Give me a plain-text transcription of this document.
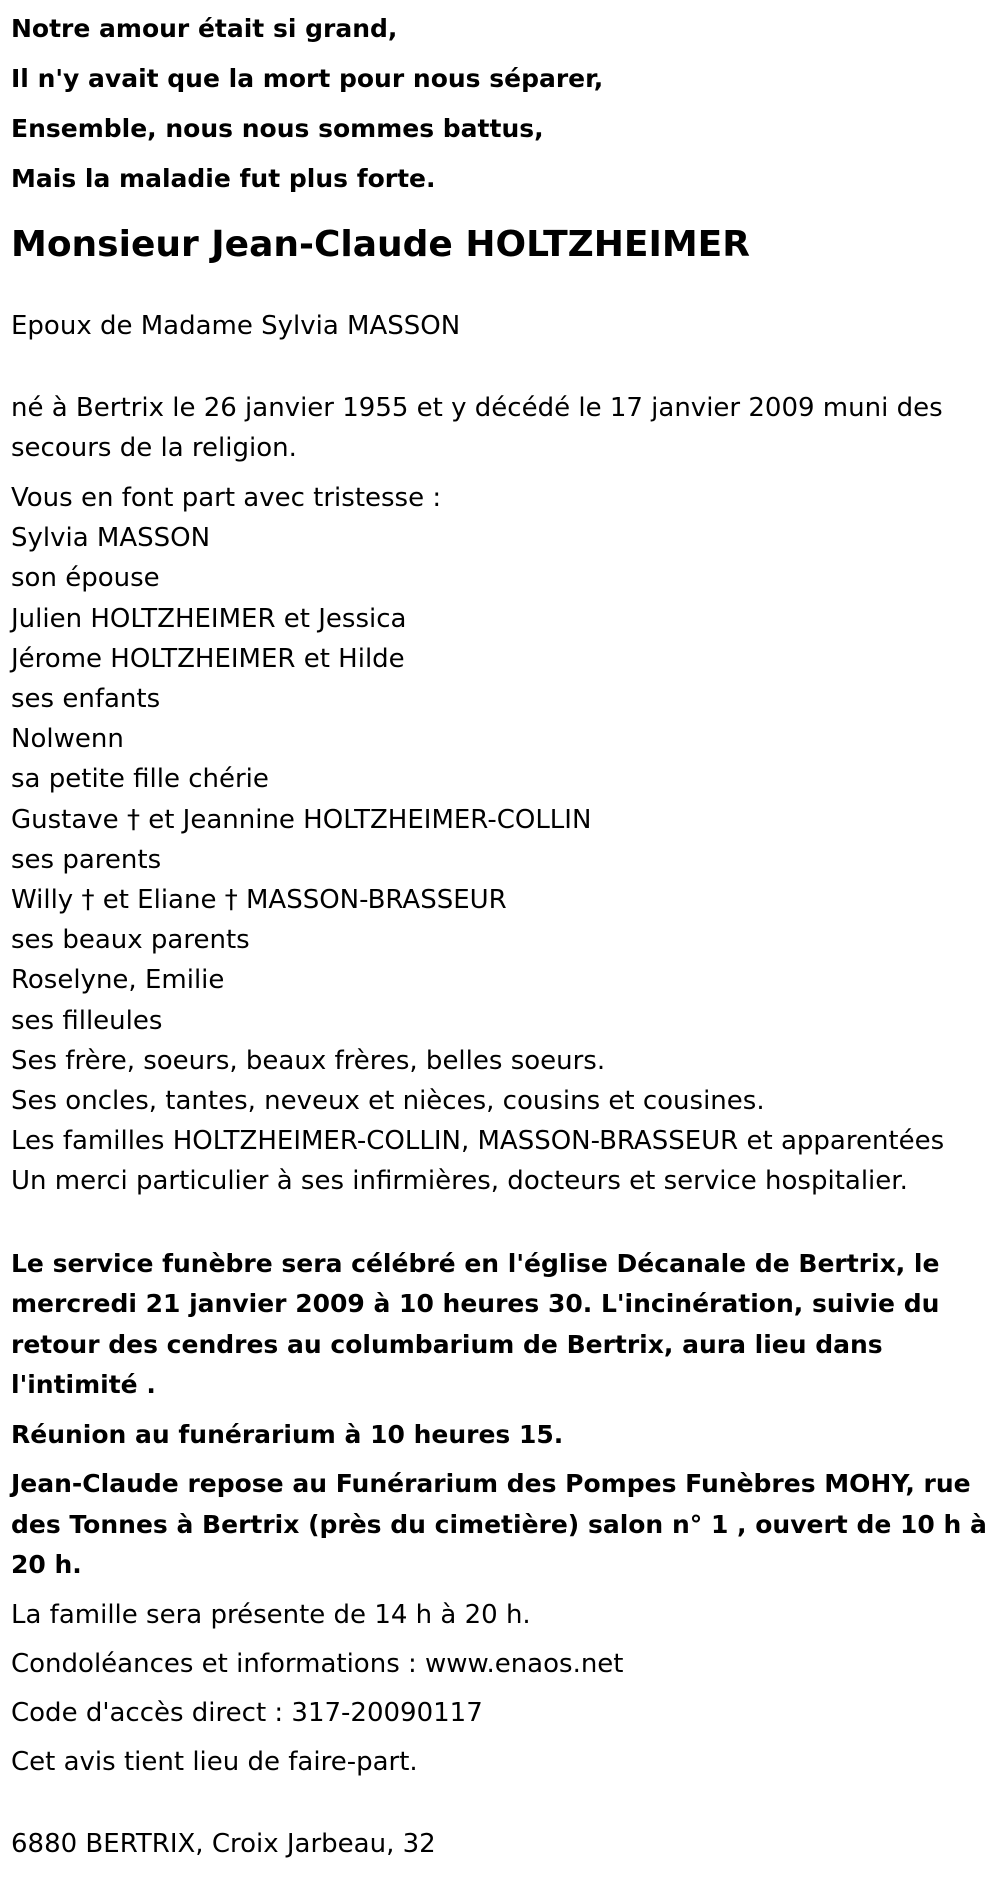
Notre amour était si grand,

Il n'y avait que la mort pour nous séparer,

Ensemble, nous nous sommes battus,

Mais la maladie fut plus forte.

Monsieur Jean-Claude HOLTZHEIMER

Epoux de Madame Sylvia MASSON

né à Bertrix le 26 janvier 1955 et y décédé le 17 janvier 2009 muni des secours de la religion.

Vous en font part avec tristesse :
Sylvia MASSON
son épouse
Julien HOLTZHEIMER et Jessica
Jérome HOLTZHEIMER et Hilde
ses enfants
Nolwenn
sa petite fille chérie
Gustave † et Jeannine HOLTZHEIMER-COLLIN
ses parents
Willy † et Eliane † MASSON-BRASSEUR
ses beaux parents
Roselyne, Emilie
ses filleules
Ses frère, soeurs, beaux frères, belles soeurs.
Ses oncles, tantes, neveux et nièces, cousins et cousines.
Les familles HOLTZHEIMER-COLLIN, MASSON-BRASSEUR et apparentées
Un merci particulier à ses infirmières, docteurs et service hospitalier.

Le service funèbre sera célébré en l'église Décanale de Bertrix, le mercredi 21 janvier 2009 à 10 heures 30. L'incinération, suivie du retour des cendres au columbarium de Bertrix, aura lieu dans l'intimité .

Réunion au funérarium à 10 heures 15.

Jean-Claude repose au Funérarium des Pompes Funèbres MOHY, rue des Tonnes à Bertrix (près du cimetière) salon n° 1 , ouvert de 10 h à 20 h.

La famille sera présente de 14 h à 20 h.

Condoléances et informations : www.enaos.net

Code d'accès direct : 317-20090117

Cet avis tient lieu de faire-part.

6880 BERTRIX, Croix Jarbeau, 32
